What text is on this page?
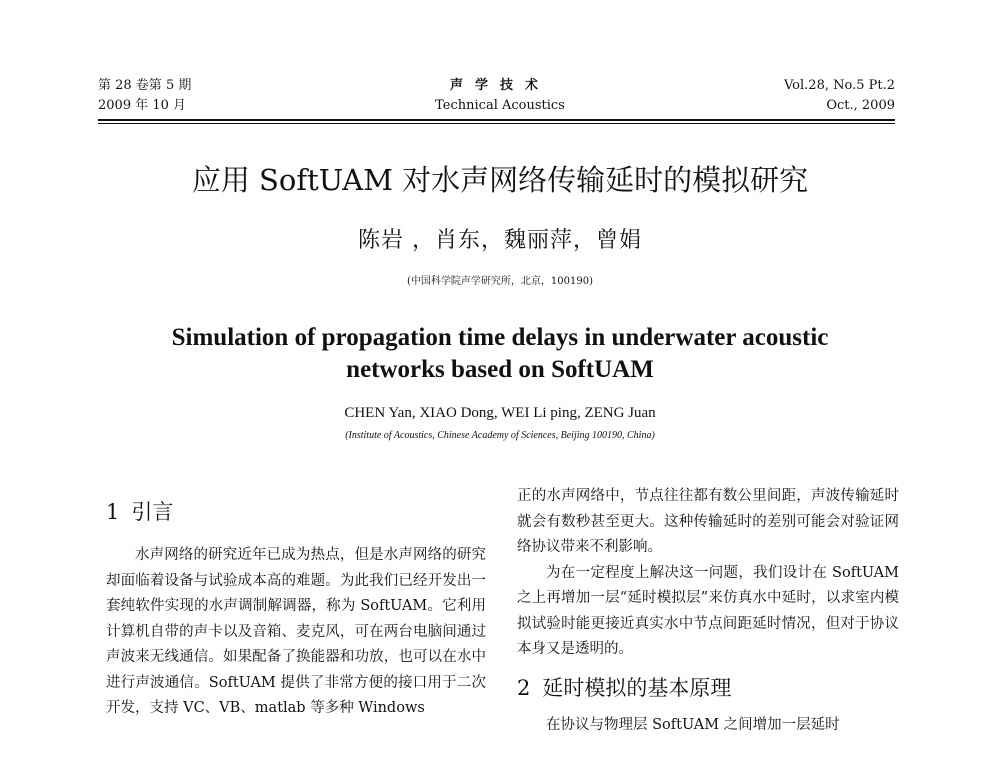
第 28 卷第 5 期
2009 年 10 月
声学技术
Technical Acoustics
Vol.28, No.5 Pt.2
Oct., 2009
应用 SoftUAM 对水声网络传输延时的模拟研究
陈岩 ，肖东，魏丽萍，曾娟
(中国科学院声学研究所，北京，100190)
Simulation of propagation time delays in underwater acoustic
networks based on SoftUAM
CHEN Yan, XIAO Dong, WEI Li ping, ZENG Juan
(Institute of Acoustics, Chinese Academy of Sciences, Beijing 100190, China)
1 引言

水声网络的研究近年已成为热点，但是水声网络的研究却面临着设备与试验成本高的难题。为此我们已经开发出一套纯软件实现的水声调制解调器，称为 SoftUAM。它利用计算机自带的声卡以及音箱、麦克风，可在两台电脑间通过声波来无线通信。如果配备了换能器和功放，也可以在水中进行声波通信。SoftUAM 提供了非常方便的接口用于二次开发，支持 VC、VB、matlab 等多种 Windows

正的水声网络中，节点往往都有数公里间距，声波传输延时就会有数秒甚至更大。这种传输延时的差别可能会对验证网络协议带来不利影响。

为在一定程度上解决这一问题，我们设计在 SoftUAM 之上再增加一层“延时模拟层”来仿真水中延时，以求室内模拟试验时能更接近真实水中节点间距延时情况，但对于协议本身又是透明的。

2 延时模拟的基本原理

在协议与物理层 SoftUAM 之间增加一层延时
